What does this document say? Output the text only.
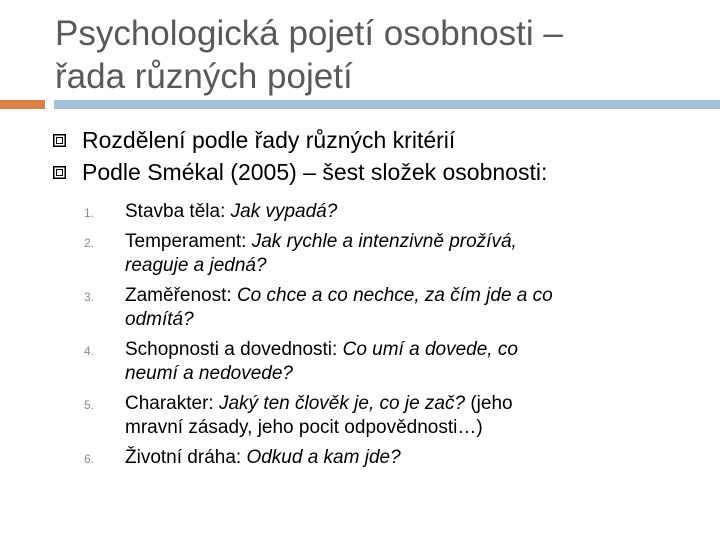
Psychologická pojetí osobnosti –
řada různých pojetí
Rozdělení podle řady různých kritérií
Podle Smékal (2005) – šest složek osobnosti:
1. Stavba těla: Jak vypadá?
2. Temperament: Jak rychle a intenzivně prožívá,
reaguje a jedná?
3. Zaměřenost: Co chce a co nechce, za čím jde a co
odmítá?
4. Schopnosti a dovednosti: Co umí a dovede, co
neumí a nedovede?
5. Charakter: Jaký ten člověk je, co je zač? (jeho
mravní zásady, jeho pocit odpovědnosti…)
6. Životní dráha: Odkud a kam jde?
